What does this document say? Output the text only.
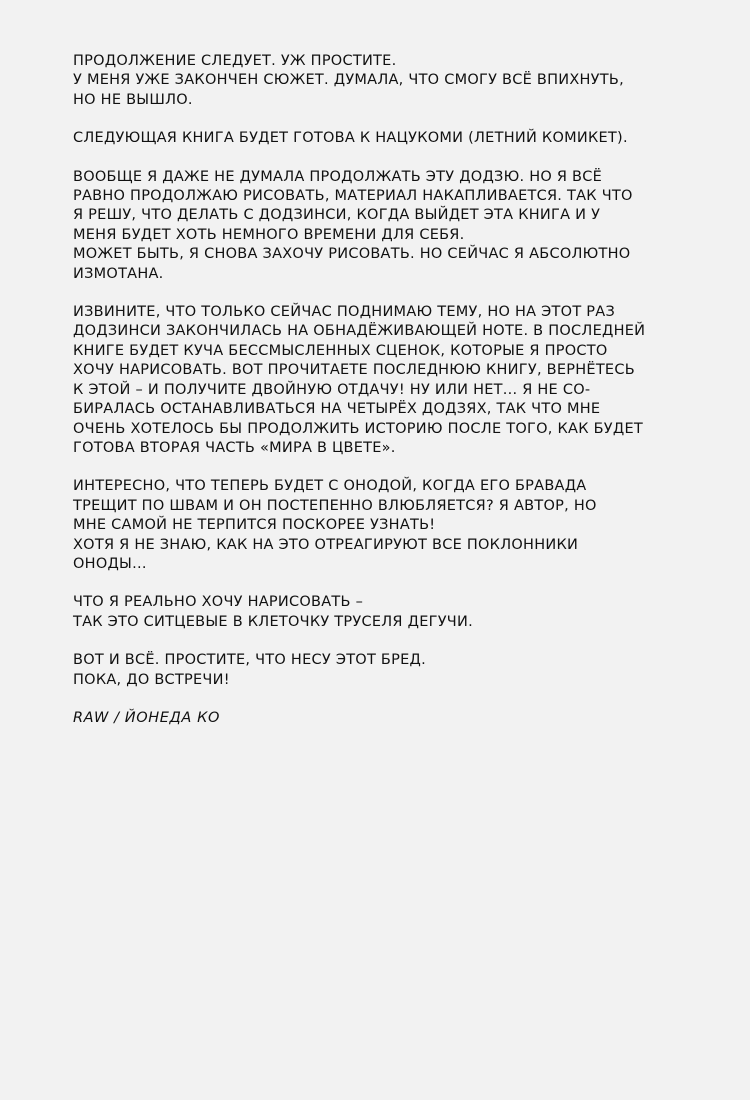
ПРОДОЛЖЕНИЕ СЛЕДУЕТ. УЖ ПРОСТИТЕ.
У МЕНЯ УЖЕ ЗАКОНЧЕН СЮЖЕТ. ДУМАЛА, ЧТО СМОГУ ВСЁ ВПИХНУТЬ,
НО НЕ ВЫШЛО.
СЛЕДУЮЩАЯ КНИГА БУДЕТ ГОТОВА К НАЦУКОМИ (ЛЕТНИЙ КОМИКЕТ).
ВООБЩЕ Я ДАЖЕ НЕ ДУМАЛА ПРОДОЛЖАТЬ ЭТУ ДОДЗЮ. НО Я ВСЁ
РАВНО ПРОДОЛЖАЮ РИСОВАТЬ, МАТЕРИАЛ НАКАПЛИВАЕТСЯ. ТАК ЧТО
Я РЕШУ, ЧТО ДЕЛАТЬ С ДОДЗИНСИ, КОГДА ВЫЙДЕТ ЭТА КНИГА И У
МЕНЯ БУДЕТ ХОТЬ НЕМНОГО ВРЕМЕНИ ДЛЯ СЕБЯ.
МОЖЕТ БЫТЬ, Я СНОВА ЗАХОЧУ РИСОВАТЬ. НО СЕЙЧАС Я АБСОЛЮТНО
ИЗМОТАНА.
ИЗВИНИТЕ, ЧТО ТОЛЬКО СЕЙЧАС ПОДНИМАЮ ТЕМУ, НО НА ЭТОТ РАЗ
ДОДЗИНСИ ЗАКОНЧИЛАСЬ НА ОБНАДЁЖИВАЮЩЕЙ НОТЕ. В ПОСЛЕДНЕЙ
КНИГЕ БУДЕТ КУЧА БЕССМЫСЛЕННЫХ СЦЕНОК, КОТОРЫЕ Я ПРОСТО
ХОЧУ НАРИСОВАТЬ. ВОТ ПРОЧИТАЕТЕ ПОСЛЕДНЮЮ КНИГУ, ВЕРНЁТЕСЬ
К ЭТОЙ – И ПОЛУЧИТЕ ДВОЙНУЮ ОТДАЧУ! НУ ИЛИ НЕТ... Я НЕ СО-
БИРАЛАСЬ ОСТАНАВЛИВАТЬСЯ НА ЧЕТЫРЁХ ДОДЗЯХ, ТАК ЧТО МНЕ
ОЧЕНЬ ХОТЕЛОСЬ БЫ ПРОДОЛЖИТЬ ИСТОРИЮ ПОСЛЕ ТОГО, КАК БУДЕТ
ГОТОВА ВТОРАЯ ЧАСТЬ «МИРА В ЦВЕТЕ».
ИНТЕРЕСНО, ЧТО ТЕПЕРЬ БУДЕТ С ОНОДОЙ, КОГДА ЕГО БРАВАДА
ТРЕЩИТ ПО ШВАМ И ОН ПОСТЕПЕННО ВЛЮБЛЯЕТСЯ? Я АВТОР, НО
МНЕ САМОЙ НЕ ТЕРПИТСЯ ПОСКОРЕЕ УЗНАТЬ!
ХОТЯ Я НЕ ЗНАЮ, КАК НА ЭТО ОТРЕАГИРУЮТ ВСЕ ПОКЛОННИКИ
ОНОДЫ...
ЧТО Я РЕАЛЬНО ХОЧУ НАРИСОВАТЬ –
ТАК ЭТО СИТЦЕВЫЕ В КЛЕТОЧКУ ТРУСЕЛЯ ДЕГУЧИ.
ВОТ И ВСЁ. ПРОСТИТЕ, ЧТО НЕСУ ЭТОТ БРЕД.
ПОКА, ДО ВСТРЕЧИ!
RAW / ЙОНЕДА КО
